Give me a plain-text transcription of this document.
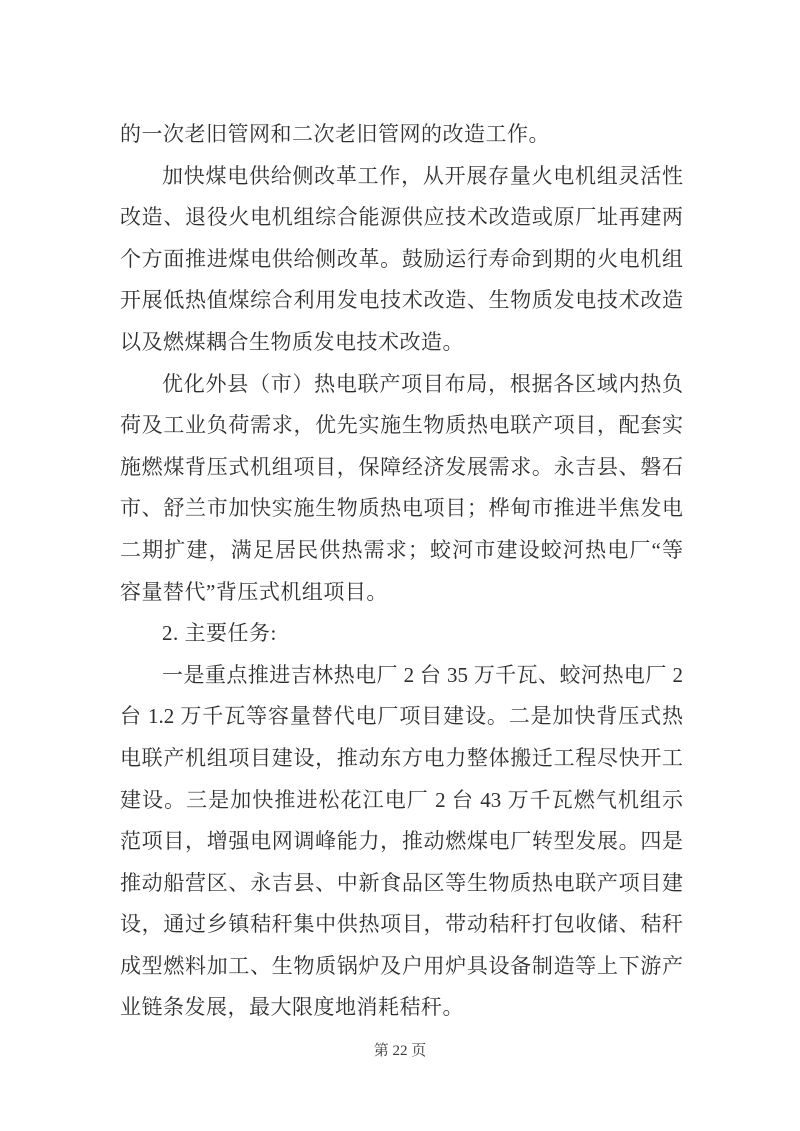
的一次老旧管网和二次老旧管网的改造工作。
加快煤电供给侧改革工作，从开展存量火电机组灵活性
改造、退役火电机组综合能源供应技术改造或原厂址再建两
个方面推进煤电供给侧改革。鼓励运行寿命到期的火电机组
开展低热值煤综合利用发电技术改造、生物质发电技术改造
以及燃煤耦合生物质发电技术改造。
优化外县（市）热电联产项目布局，根据各区域内热负
荷及工业负荷需求，优先实施生物质热电联产项目，配套实
施燃煤背压式机组项目，保障经济发展需求。永吉县、磐石
市、舒兰市加快实施生物质热电项目；桦甸市推进半焦发电
二期扩建，满足居民供热需求；蛟河市建设蛟河热电厂“等
容量替代”背压式机组项目。
2. 主要任务:
一是重点推进吉林热电厂 2 台 35 万千瓦、蛟河热电厂 2
台 1.2 万千瓦等容量替代电厂项目建设。二是加快背压式热
电联产机组项目建设，推动东方电力整体搬迁工程尽快开工
建设。三是加快推进松花江电厂 2 台 43 万千瓦燃气机组示
范项目，增强电网调峰能力，推动燃煤电厂转型发展。四是
推动船营区、永吉县、中新食品区等生物质热电联产项目建
设，通过乡镇秸秆集中供热项目，带动秸秆打包收储、秸秆
成型燃料加工、生物质锅炉及户用炉具设备制造等上下游产
业链条发展，最大限度地消耗秸秆。
第 22 页
